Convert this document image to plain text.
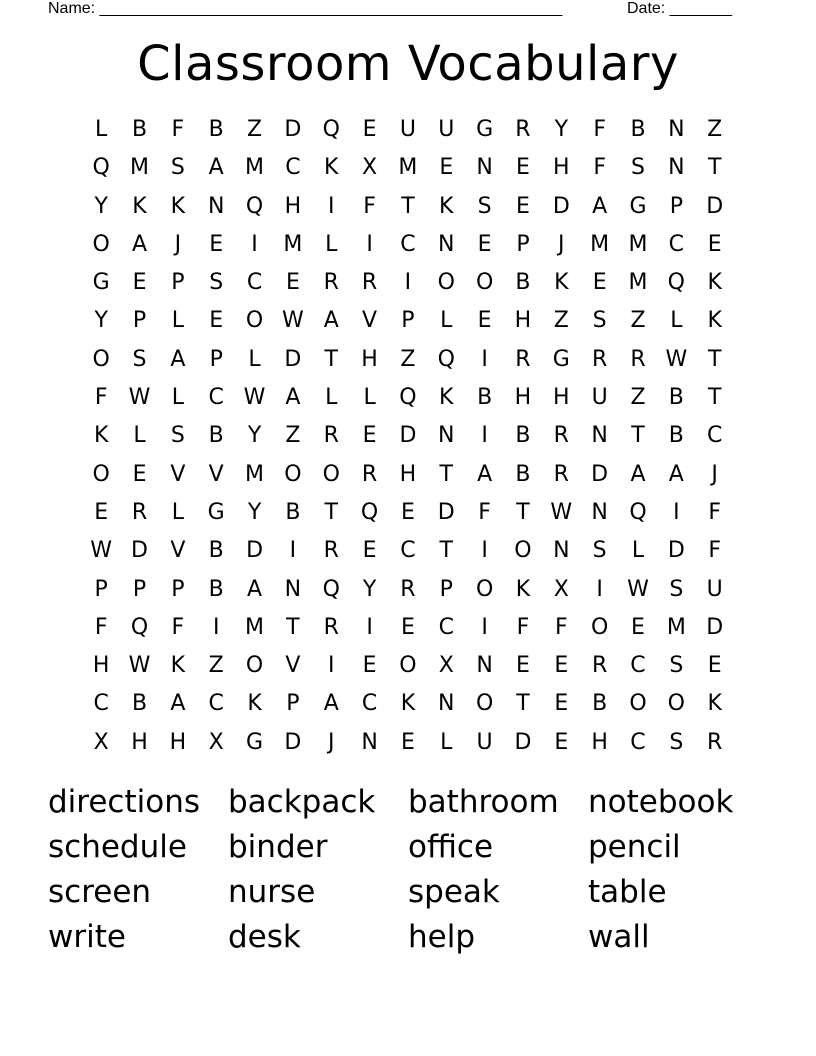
Name: ____________________________________________________	Date: _______
Classroom Vocabulary
L	B	F	B	Z	D Q	E	U	U G	R	Y	F	B	N	Z
Q M S	A M C	K	X M E	N	E	H	F	S	N	T
Y	K	K	N Q H	I	F	T	K	S	E	D	A	G	P	D
O	A	J	E	I	M	L	I	C	N	E	P	J	M M C	E
G	E	P	S	C	E	R	R	I	O O	B	K	E M Q	K
Y	P	L	E	O W A	V	P	L	E	H	Z	S	Z	L	K
O	S	A	P	L	D	T	H	Z	Q	I	R	G	R	R W T
F W L	C W A	L	L	Q	K	B	H H	U	Z	B	T
K	L	S	B	Y	Z	R	E	D N	I	B	R	N	T	B	C
O	E	V	V M O O	R	H	T	A	B	R	D	A	A	J
E	R	L	G	Y	B	T	Q	E	D	F	T W N Q	I	F
W D	V	B	D	I	R	E	C	T	I	O N	S	L	D	F
P	P	P	B	A	N Q	Y	R	P	O	K	X	I	W S	U
F	Q	F	I	M	T	R	I	E	C	I	F	F	O	E M D
H W K	Z	O	V	I	E	O	X	N	E	E	R	C	S	E
C	B	A	C	K	P	A	C	K	N O	T	E	B	O O	K
X	H H	X	G D	J	N	E	L	U D	E	H	C	S	R
directions backpack	bathroom notebook
schedule	binder	office	pencil
screen	nurse	speak	table
write	desk	help	wall
